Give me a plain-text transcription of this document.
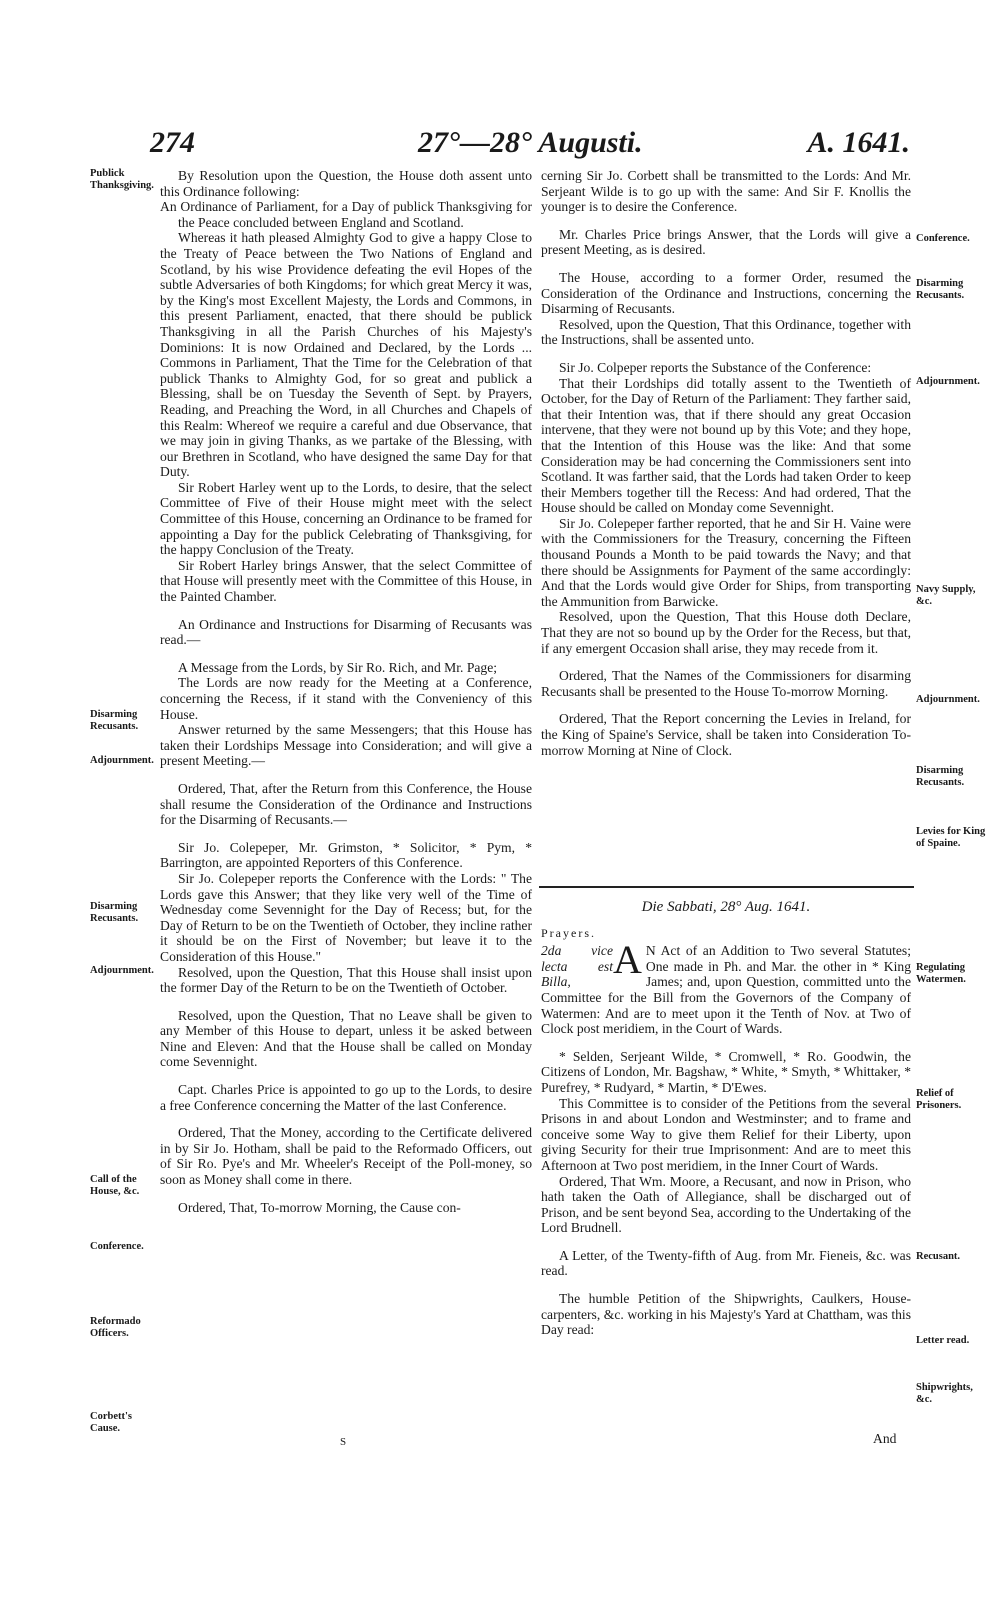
274	27°—28° Augusti.	A. 1641.
Publick Thanksgiving.
Disarming Recusants.
Adjournment.
Disarming Recusants.
Adjournment.
Call of the House, &c.
Conference.
Reformado Officers.
Corbett's Cause.
Conference.
Disarming Recusants.
Adjournment.
Navy Supply, &c.
Adjournment.
Disarming Recusants.
Levies for King of Spaine.
Regulating Watermen.
Relief of Prisoners.
Recusant.
Letter read.
Shipwrights, &c.

By Resolution upon the Question, the House doth assent unto this Ordinance following:

An Ordinance of Parliament, for a Day of publick Thanksgiving for the Peace concluded between England and Scotland.

Whereas it hath pleased Almighty God to give a happy Close to the Treaty of Peace between the Two Nations of England and Scotland, by his wise Providence defeating the evil Hopes of the subtle Adversaries of both Kingdoms; for which great Mercy it was, by the King's most Excellent Majesty, the Lords and Commons, in this present Parliament, enacted, that there should be publick Thanksgiving in all the Parish Churches of his Majesty's Dominions: It is now Ordained and Declared, by the Lords ... Commons in Parliament, That the Time for the Celebration of that publick Thanks to Almighty God, for so great and publick a Blessing, shall be on Tuesday the Seventh of Sept. by Prayers, Reading, and Preaching the Word, in all Churches and Chapels of this Realm: Whereof we require a careful and due Observance, that we may join in giving Thanks, as we partake of the Blessing, with our Brethren in Scotland, who have designed the same Day for that Duty.

Sir Robert Harley went up to the Lords, to desire, that the select Committee of Five of their House might meet with the select Committee of this House, concerning an Ordinance to be framed for appointing a Day for the publick Celebrating of Thanksgiving, for the happy Conclusion of the Treaty.

Sir Robert Harley brings Answer, that the select Committee of that House will presently meet with the Committee of this House, in the Painted Chamber.

An Ordinance and Instructions for Disarming of Recusants was read.—

A Message from the Lords, by Sir Ro. Rich, and Mr. Page;

The Lords are now ready for the Meeting at a Conference, concerning the Recess, if it stand with the Conveniency of this House.

Answer returned by the same Messengers; that this House has taken their Lordships Message into Consideration; and will give a present Meeting.—

Ordered, That, after the Return from this Conference, the House shall resume the Consideration of the Ordinance and Instructions for the Disarming of Recusants.—

Sir Jo. Colepeper, Mr. Grimston, * Solicitor, * Pym, * Barrington, are appointed Reporters of this Conference.

Sir Jo. Colepeper reports the Conference with the Lords: " The Lords gave this Answer; that they like very well of the Time of Wednesday come Sevennight for the Day of Recess; but, for the Day of Return to be on the Twentieth of October, they incline rather it should be on the First of November; but leave it to the Consideration of this House."

Resolved, upon the Question, That this House shall insist upon the former Day of the Return to be on the Twentieth of October.

Resolved, upon the Question, That no Leave shall be given to any Member of this House to depart, unless it be asked between Nine and Eleven: And that the House shall be called on Monday come Sevennight.

Capt. Charles Price is appointed to go up to the Lords, to desire a free Conference concerning the Matter of the last Conference.

Ordered, That the Money, according to the Certificate delivered in by Sir Jo. Hotham, shall be paid to the Reformado Officers, out of Sir Ro. Pye's and Mr. Wheeler's Receipt of the Poll-money, so soon as Money shall come in there.

Ordered, That, To-morrow Morning, the Cause con-

cerning Sir Jo. Corbett shall be transmitted to the Lords: And Mr. Serjeant Wilde is to go up with the same: And Sir F. Knollis the younger is to desire the Conference.

Mr. Charles Price brings Answer, that the Lords will give a present Meeting, as is desired.

The House, according to a former Order, resumed the Consideration of the Ordinance and Instructions, concerning the Disarming of Recusants.

Resolved, upon the Question, That this Ordinance, together with the Instructions, shall be assented unto.

Sir Jo. Colpeper reports the Substance of the Conference:

That their Lordships did totally assent to the Twentieth of October, for the Day of Return of the Parliament: They farther said, that their Intention was, that if there should any great Occasion intervene, that they were not bound up by this Vote; and they hope, that the Intention of this House was the like: And that some Consideration may be had concerning the Commissioners sent into Scotland. It was farther said, that the Lords had taken Order to keep their Members together till the Recess: And had ordered, That the House should be called on Monday come Sevennight.

Sir Jo. Colepeper farther reported, that he and Sir H. Vaine were with the Commissioners for the Treasury, concerning the Fifteen thousand Pounds a Month to be paid towards the Navy; and that there should be Assignments for Payment of the same accordingly: And that the Lords would give Order for Ships, from transporting the Ammunition from Barwicke.

Resolved, upon the Question, That this House doth Declare, That they are not so bound up by the Order for the Recess, but that, if any emergent Occasion shall arise, they may recede from it.

Ordered, That the Names of the Commissioners for disarming Recusants shall be presented to the House To-morrow Morning.

Ordered, That the Report concerning the Levies in Ireland, for the King of Spaine's Service, shall be taken into Consideration To-morrow Morning at Nine of Clock.

Die Sabbati, 28° Aug. 1641.

Prayers.

2da vice lecta est Billa,	A N Act of an Addition to Two several Statutes; One made in Ph. and Mar. the other in * King James; and, upon Question, committed unto the Committee for the Bill from the Governors of the Company of Watermen: And are to meet upon it the Tenth of Nov. at Two of Clock post meridiem, in the Court of Wards.

* Selden, Serjeant Wilde, * Cromwell, * Ro. Goodwin, the Citizens of London, Mr. Bagshaw, * White, * Smyth, * Whittaker, * Purefrey, * Rudyard, * Martin, * D'Ewes.

This Committee is to consider of the Petitions from the several Prisons in and about London and Westminster; and to frame and conceive some Way to give them Relief for their Liberty, upon giving Security for their true Imprisonment: And are to meet this Afternoon at Two post meridiem, in the Inner Court of Wards.

Ordered, That Wm. Moore, a Recusant, and now in Prison, who hath taken the Oath of Allegiance, shall be discharged out of Prison, and be sent beyond Sea, according to the Undertaking of the Lord Brudnell.

A Letter, of the Twenty-fifth of Aug. from Mr. Fieneis, &c. was read.

The humble Petition of the Shipwrights, Caulkers, House-carpenters, &c. working in his Majesty's Yard at Chattham, was this Day read:

S	And
